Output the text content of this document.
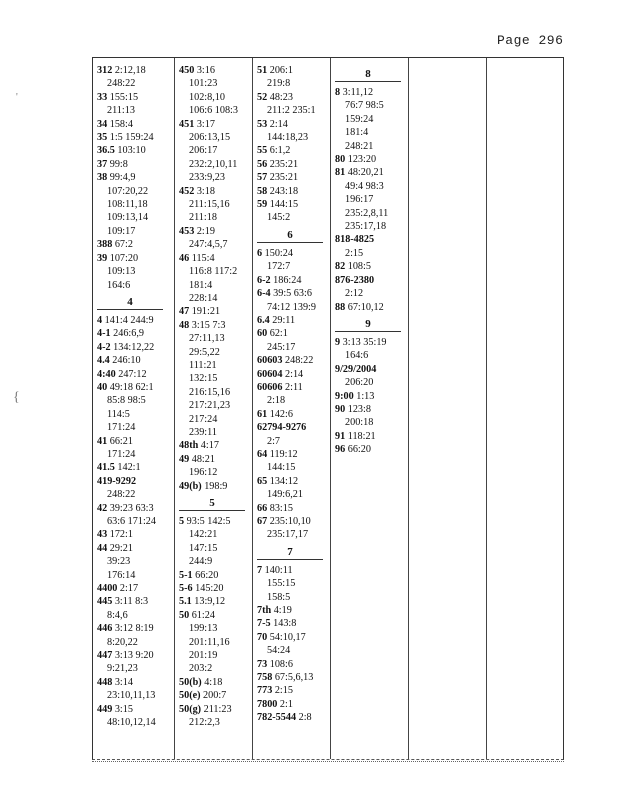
Page 296
'
{
312 2:12,18
248:22
33 155:15
211:13
34 158:4
35 1:5 159:24
36.5 103:10
37 99:8
38 99:4,9
107:20,22
108:11,18
109:13,14
109:17
388 67:2
39 107:20
109:13
164:6
4
4 141:4 244:9
4-1 246:6,9
4-2 134:12,22
4.4 246:10
4:40 247:12
40 49:18 62:1
85:8 98:5
114:5
171:24
41 66:21
171:24
41.5 142:1
419-9292
248:22
42 39:23 63:3
63:6 171:24
43 172:1
44 29:21
39:23
176:14
4400 2:17
445 3:11 8:3
8:4,6
446 3:12 8:19
8:20,22
447 3:13 9:20
9:21,23
448 3:14
23:10,11,13
449 3:15
48:10,12,14
450 3:16
101:23
102:8,10
106:6 108:3
451 3:17
206:13,15
206:17
232:2,10,11
233:9,23
452 3:18
211:15,16
211:18
453 2:19
247:4,5,7
46 115:4
116:8 117:2
181:4
228:14
47 191:21
48 3:15 7:3
27:11,13
29:5,22
111:21
132:15
216:15,16
217:21,23
217:24
239:11
48th 4:17
49 48:21
196:12
49(b) 198:9
5
5 93:5 142:5
142:21
147:15
244:9
5-1 66:20
5-6 145:20
5.1 13:9,12
50 61:24
199:13
201:11,16
201:19
203:2
50(b) 4:18
50(e) 200:7
50(g) 211:23
212:2,3
51 206:1
219:8
52 48:23
211:2 235:1
53 2:14
144:18,23
55 6:1,2
56 235:21
57 235:21
58 243:18
59 144:15
145:2
6
6 150:24
172:7
6-2 186:24
6-4 39:5 63:6
74:12 139:9
6.4 29:11
60 62:1
245:17
60603 248:22
60604 2:14
60606 2:11
2:18
61 142:6
62794-9276
2:7
64 119:12
144:15
65 134:12
149:6,21
66 83:15
67 235:10,10
235:17,17
7
7 140:11
155:15
158:5
7th 4:19
7-5 143:8
70 54:10,17
54:24
73 108:6
758 67:5,6,13
773 2:15
7800 2:1
782-5544 2:8
8
8 3:11,12
76:7 98:5
159:24
181:4
248:21
80 123:20
81 48:20,21
49:4 98:3
196:17
235:2,8,11
235:17,18
818-4825
2:15
82 108:5
876-2380
2:12
88 67:10,12
9
9 3:13 35:19
164:6
9/29/2004
206:20
9:00 1:13
90 123:8
200:18
91 118:21
96 66:20
